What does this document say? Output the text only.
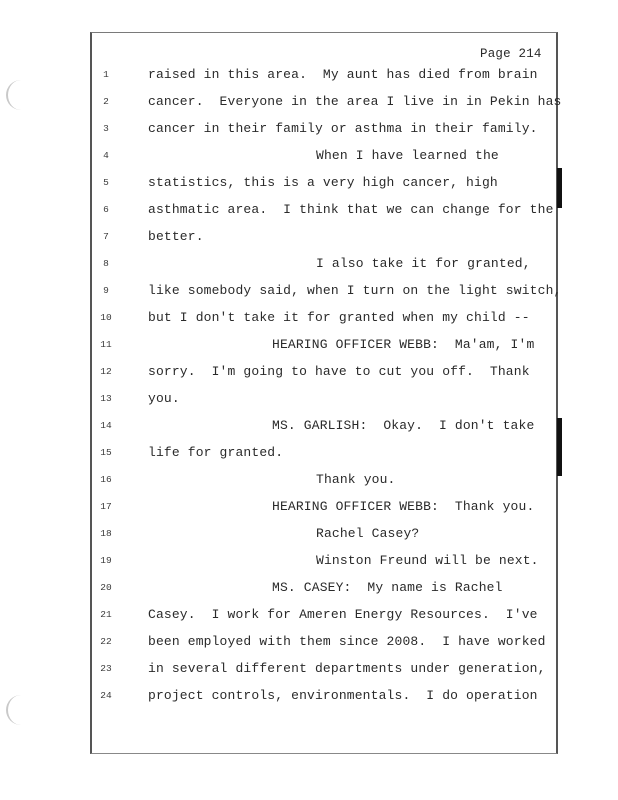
Page 214
1	raised in this area.  My aunt has died from brain
2	cancer.  Everyone in the area I live in in Pekin has
3	cancer in their family or asthma in their family.
4	When I have learned the
5	statistics, this is a very high cancer, high
6	asthmatic area.  I think that we can change for the
7	better.
8	I also take it for granted,
9	like somebody said, when I turn on the light switch,
10	but I don't take it for granted when my child --
11	HEARING OFFICER WEBB:  Ma'am, I'm
12	sorry.  I'm going to have to cut you off.  Thank
13	you.
14	MS. GARLISH:  Okay.  I don't take
15	life for granted.
16	Thank you.
17	HEARING OFFICER WEBB:  Thank you.
18	Rachel Casey?
19	Winston Freund will be next.
20	MS. CASEY:  My name is Rachel
21	Casey.  I work for Ameren Energy Resources.  I've
22	been employed with them since 2008.  I have worked
23	in several different departments under generation,
24	project controls, environmentals.  I do operation
